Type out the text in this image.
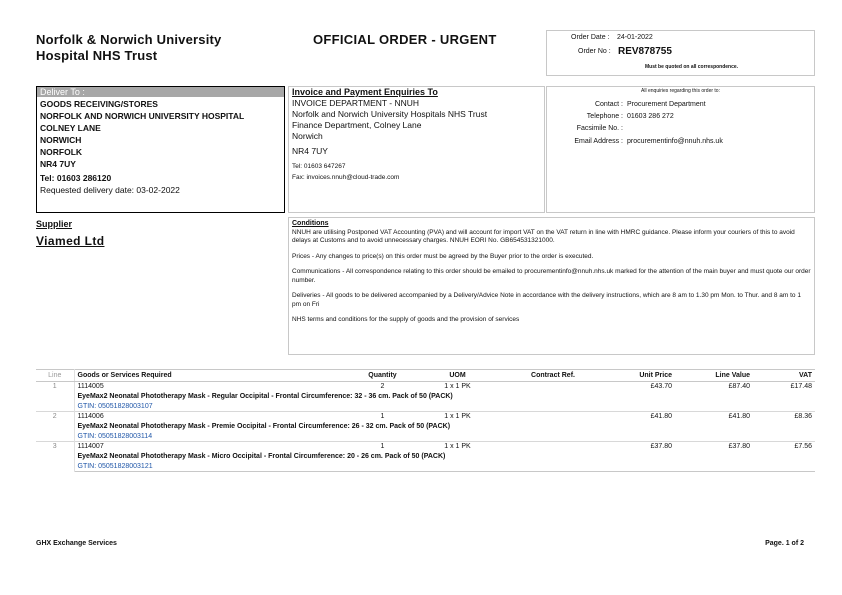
Norfolk & Norwich University
Hospital NHS Trust
OFFICIAL ORDER - URGENT	Order Date : 24-01-2022
Order No : REV878755
Must be quoted on all correspondence.
Deliver To :
GOODS RECEIVING/STORES
NORFOLK AND NORWICH UNIVERSITY HOSPITAL
COLNEY LANE
NORWICH
NORFOLK
NR4 7UY
Tel: 01603 286120
Requested delivery date: 03-02-2022
Invoice and Payment Enquiries To
INVOICE DEPARTMENT - NNUH
Norfolk and Norwich University Hospitals NHS Trust
Finance Department, Colney Lane
Norwich
NR4 7UY
Tel: 01603 647267
Fax: invoices.nnuh@cloud-trade.com
All enquiries regarding this order to:
Contact : Procurement Department
Telephone : 01603 286 272
Facsimile No. :
Email Address : procurementinfo@nnuh.nhs.uk
Supplier
Viamed Ltd
Conditions

NNUH are utilising Postponed VAT Accounting (PVA) and will account for import VAT on the VAT return in line with HMRC guidance. Please inform your couriers of this to avoid delays at Customs and to avoid unnecessary charges. NNUH EORI No. GB654531321000.

Prices - Any changes to price(s) on this order must be agreed by the Buyer prior to the order is executed.

Communications - All correspondence relating to this order should be emailed to procurementinfo@nnuh.nhs.uk marked for the attention of the main buyer and must quote our order number.

Deliveries - All goods to be delivered accompanied by a Delivery/Advice Note in accordance with the delivery instructions, which are 8 am to 1.30 pm Mon. to Thur. and 8 am to 1 pm on Fri

NHS terms and conditions for the supply of goods and the provision of services

Line	Goods or Services Required	Quantity	UOM	Contract Ref.	Unit Price	Line Value	VAT
1	1114005	2	1 x 1 PK		£43.70	£87.40	£17.48
	EyeMax2 Neonatal Phototherapy Mask - Regular Occipital - Frontal Circumference: 32 - 36 cm. Pack of 50 (PACK)						
	GTIN: 05051828003107						
2	1114006	1	1 x 1 PK		£41.80	£41.80	£8.36
	EyeMax2 Neonatal Phototherapy Mask - Premie Occipital - Frontal Circumference: 26 - 32 cm. Pack of 50 (PACK)						
	GTIN: 05051828003114						
3	1114007	1	1 x 1 PK		£37.80	£37.80	£7.56
	EyeMax2 Neonatal Phototherapy Mask - Micro Occipital - Frontal Circumference: 20 - 26 cm. Pack of 50 (PACK)						
	GTIN: 05051828003121						
GHX Exchange Services	Page. 1 of 2
